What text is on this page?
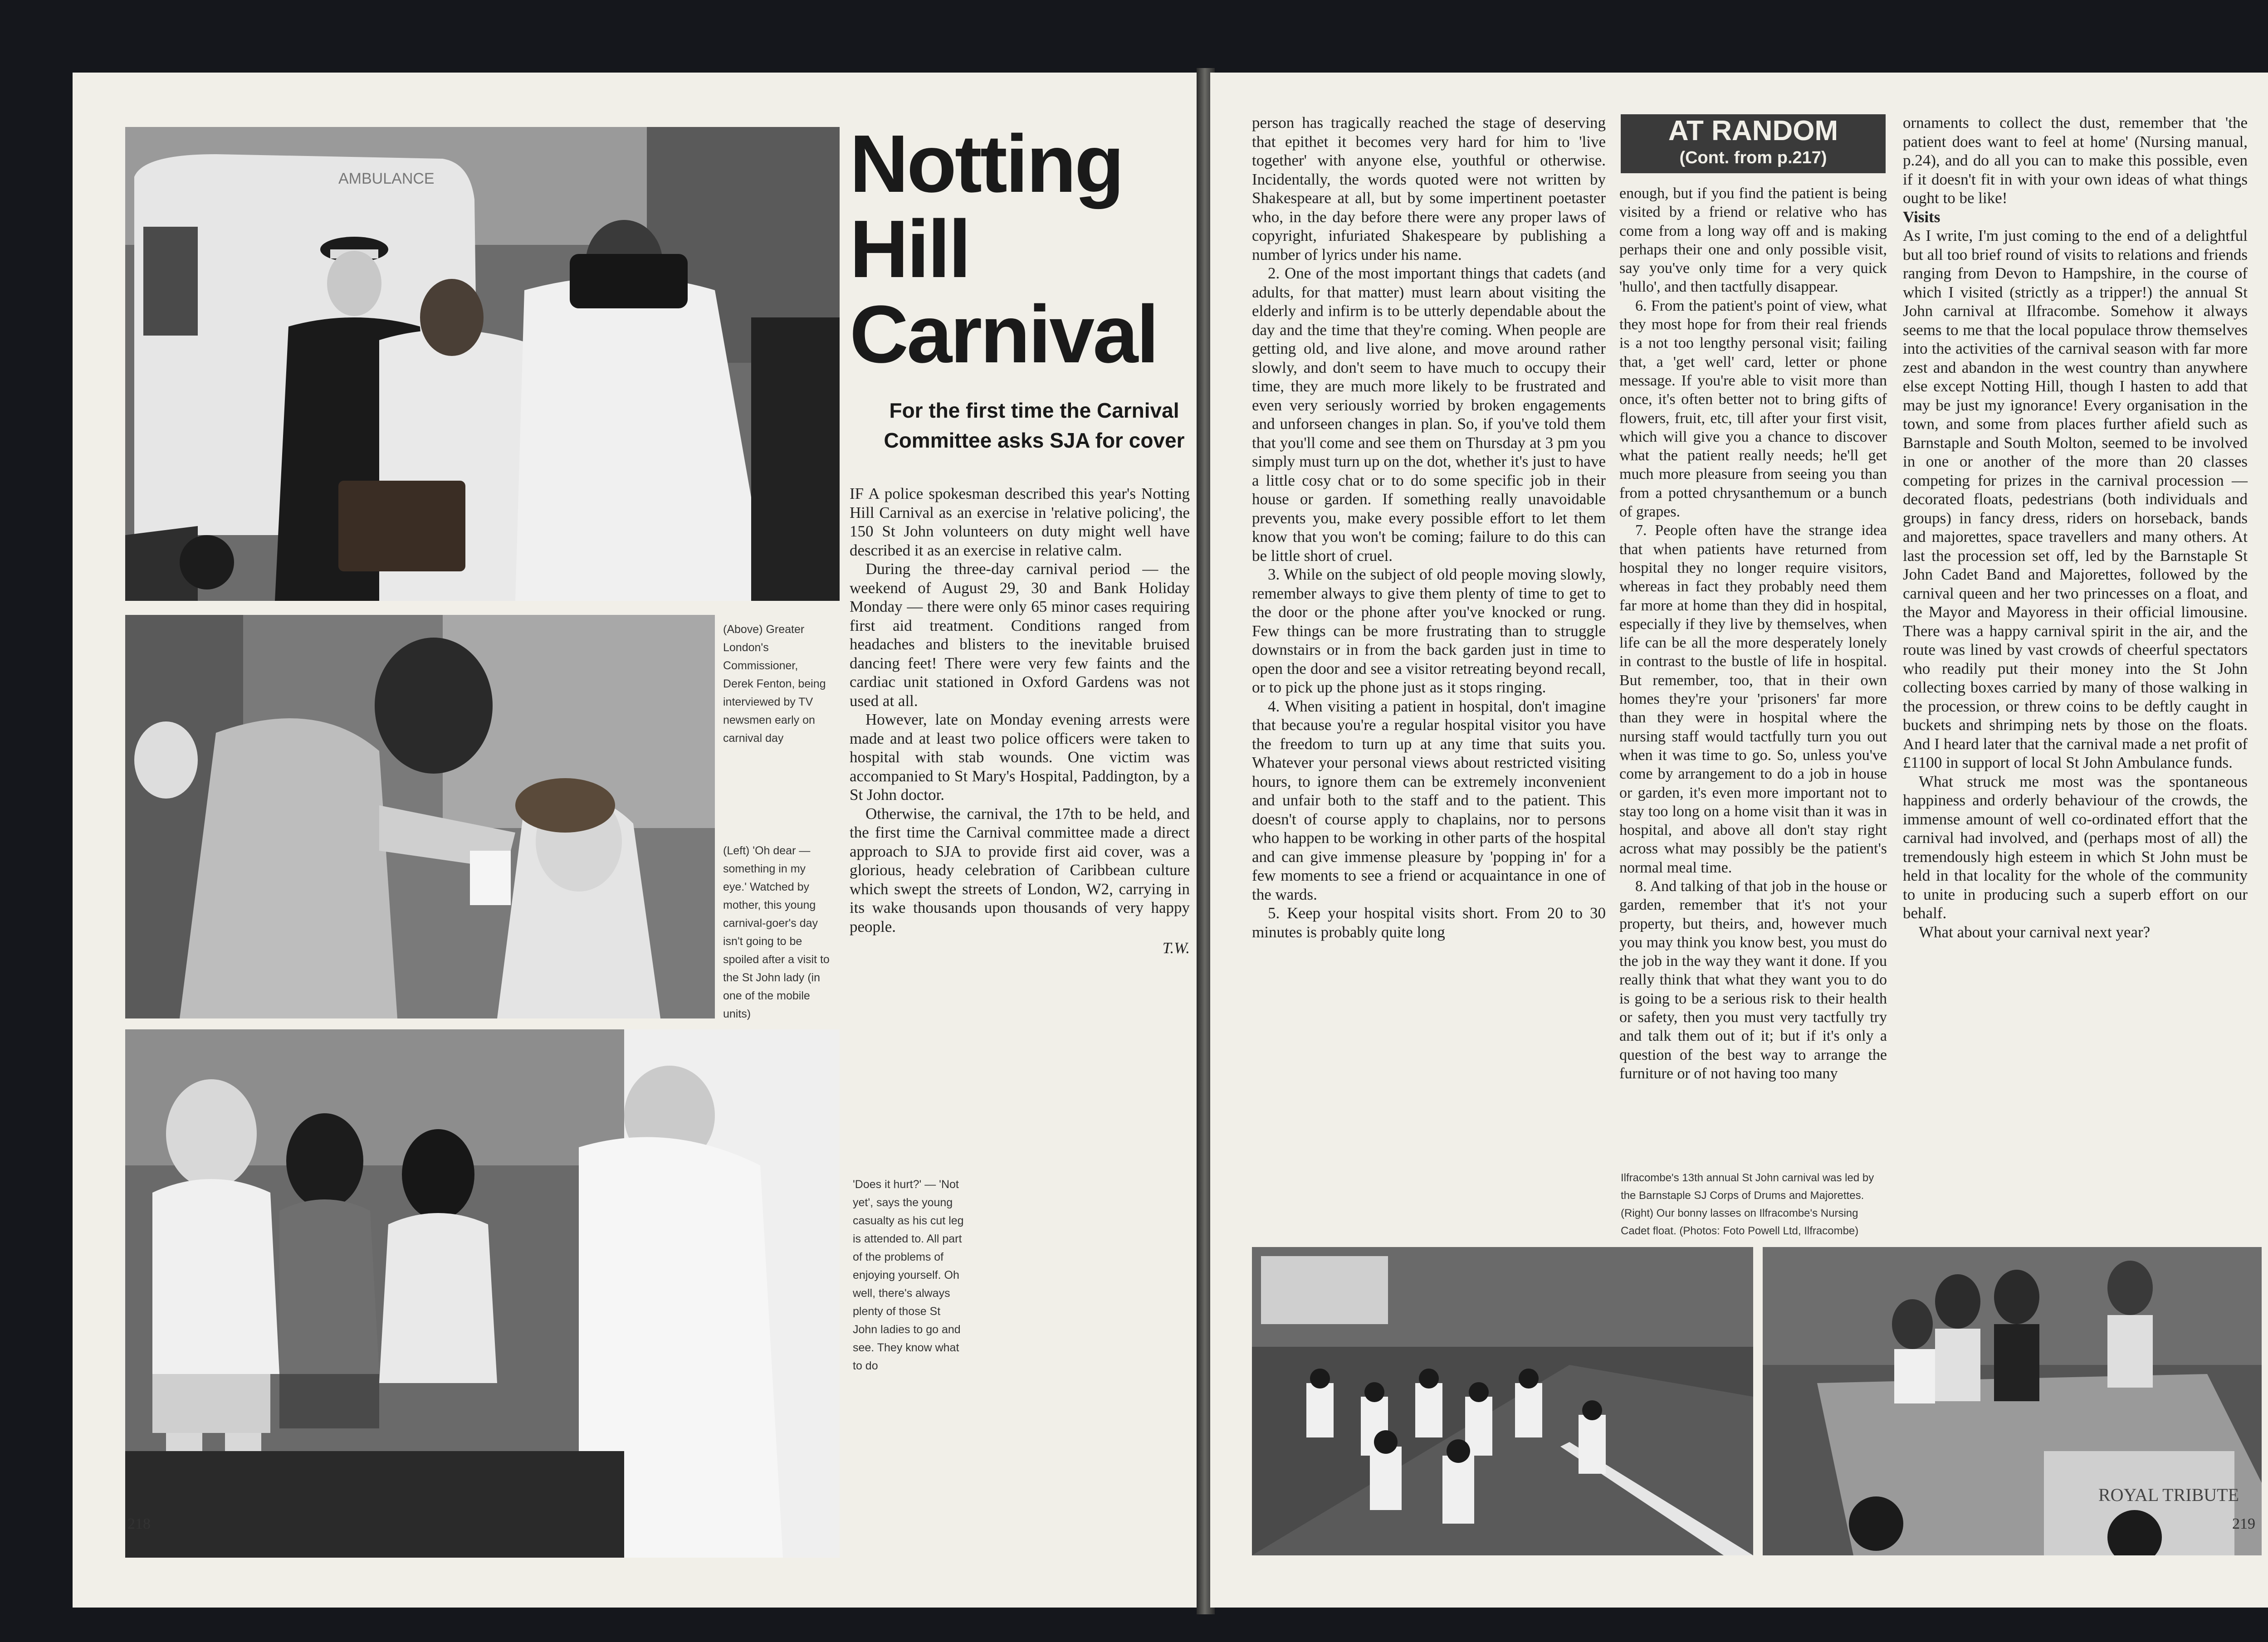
AMBULANCE	Notting
Hill
Carnival
For the first time the Carnival Committee asks SJA for cover

IF A police spokesman described this year's Notting Hill Carnival as an exercise in 'relative policing', the 150 St John volunteers on duty might well have described it as an exercise in relative calm.

During the three-day carnival period — the weekend of August 29, 30 and Bank Holiday Monday — there were only 65 minor cases requiring first aid treatment. Conditions ranged from headaches and blisters to the inevitable bruised dancing feet! There were very few faints and the cardiac unit stationed in Oxford Gardens was not used at all.

However, late on Monday evening arrests were made and at least two police officers were taken to hospital with stab wounds. One victim was accompanied to St Mary's Hospital, Paddington, by a St John doctor.

Otherwise, the carnival, the 17th to be held, and the first time the Carnival committee made a direct approach to SJA to provide first aid cover, was a glorious, heady celebration of Caribbean culture which swept the streets of London, W2, carrying in its wake thousands upon thousands of very happy people.

T.W.
(Above) Greater London's Commissioner, Derek Fenton, being interviewed by TV newsmen early on carnival day
(Left) 'Oh dear — something in my eye.' Watched by mother, this young carnival-goer's day isn't going to be spoiled after a visit to the St John lady (in one of the mobile units)
'Does it hurt?' — 'Not yet', says the young casualty as his cut leg is attended to. All part of the problems of enjoying yourself. Oh well, there's always plenty of those St John ladies to go and see. They know what to do
218

person has tragically reached the stage of deserving that epithet it becomes very hard for him to 'live together' with anyone else, youthful or otherwise. Incidentally, the words quoted were not written by Shakespeare at all, but by some impertinent poetaster who, in the day before there were any proper laws of copyright, infuriated Shakespeare by publishing a number of lyrics under his name.

2. One of the most important things that cadets (and adults, for that matter) must learn about visiting the elderly and infirm is to be utterly dependable about the day and the time that they're coming. When people are getting old, and live alone, and move around rather slowly, and don't seem to have much to occupy their time, they are much more likely to be frustrated and even very seriously worried by broken engagements and unforseen changes in plan. So, if you've told them that you'll come and see them on Thursday at 3 pm you simply must turn up on the dot, whether it's just to have a little cosy chat or to do some specific job in their house or garden. If something really unavoidable prevents you, make every possible effort to let them know that you won't be coming; failure to do this can be little short of cruel.

3. While on the subject of old people moving slowly, remember always to give them plenty of time to get to the door or the phone after you've knocked or rung. Few things can be more frustrating than to struggle downstairs or in from the back garden just in time to open the door and see a visitor retreating beyond recall, or to pick up the phone just as it stops ringing.

4. When visiting a patient in hospital, don't imagine that because you're a regular hospital visitor you have the freedom to turn up at any time that suits you. Whatever your personal views about restricted visiting hours, to ignore them can be extremely inconvenient and unfair both to the staff and to the patient. This doesn't of course apply to chaplains, nor to persons who happen to be working in other parts of the hospital and can give immense pleasure by 'popping in' for a few moments to see a friend or acquaintance in one of the wards.

5. Keep your hospital visits short. From 20 to 30 minutes is probably quite long

AT RANDOM
(Cont. from p.217)

enough, but if you find the patient is being visited by a friend or relative who has come from a long way off and is making perhaps their one and only possible visit, say you've only time for a very quick 'hullo', and then tactfully disappear.

6. From the patient's point of view, what they most hope for from their real friends is a not too lengthy personal visit; failing that, a 'get well' card, letter or phone message. If you're able to visit more than once, it's often better not to bring gifts of flowers, fruit, etc, till after your first visit, which will give you a chance to discover what the patient really needs; he'll get much more pleasure from seeing you than from a potted chrysanthemum or a bunch of grapes.

7. People often have the strange idea that when patients have returned from hospital they no longer require visitors, whereas in fact they probably need them far more at home than they did in hospital, especially if they live by themselves, when life can be all the more desperately lonely in contrast to the bustle of life in hospital. But remember, too, that in their own homes they're your 'prisoners' far more than they were in hospital where the nursing staff would tactfully turn you out when it was time to go. So, unless you've come by arrangement to do a job in house or garden, it's even more important not to stay too long on a home visit than it was in hospital, and above all don't stay right across what may possibly be the patient's normal meal time.

8. And talking of that job in the house or garden, remember that it's not your property, but theirs, and, however much you may think you know best, you must do the job in the way they want it done. If you really think that what they want you to do is going to be a serious risk to their health or safety, then you must very tactfully try and talk them out of it; but if it's only a question of the best way to arrange the furniture or of not having too many

Ilfracombe's 13th annual St John carnival was led by the Barnstaple SJ Corps of Drums and Majorettes. (Right) Our bonny lasses on Ilfracombe's Nursing Cadet float. (Photos: Foto Powell Ltd, Ilfracombe)

ornaments to collect the dust, remember that 'the patient does want to feel at home' (Nursing manual, p.24), and do all you can to make this possible, even if it doesn't fit in with your own ideas of what things ought to be like!

Visits

As I write, I'm just coming to the end of a delightful but all too brief round of visits to relations and friends ranging from Devon to Hampshire, in the course of which I visited (strictly as a tripper!) the annual St John carnival at Ilfracombe. Somehow it always seems to me that the local populace throw themselves into the activities of the carnival season with far more zest and abandon in the west country than anywhere else except Notting Hill, though I hasten to add that may be just my ignorance! Every organisation in the town, and some from places further afield such as Barnstaple and South Molton, seemed to be involved in one or another of the more than 20 classes competing for prizes in the carnival procession — decorated floats, pedestrians (both individuals and groups) in fancy dress, riders on horseback, bands and majorettes, space travellers and many others. At last the procession set off, led by the Barnstaple St John Cadet Band and Majorettes, followed by the carnival queen and her two princesses on a float, and the Mayor and Mayoress in their official limousine. There was a happy carnival spirit in the air, and the route was lined by vast crowds of cheerful spectators who readily put their money into the St John collecting boxes carried by many of those walking in the procession, or threw coins to be deftly caught in buckets and shrimping nets by those on the floats. And I heard later that the carnival made a net profit of £1100 in support of local St John Ambulance funds.

What struck me most was the spontaneous happiness and orderly behaviour of the crowds, the immense amount of well co-ordinated effort that the carnival had involved, and (perhaps most of all) the tremendously high esteem in which St John must be held in that locality for the whole of the community to unite in producing such a superb effort on our behalf.

What about your carnival next year?

ROYAL TRIBUTE
219
